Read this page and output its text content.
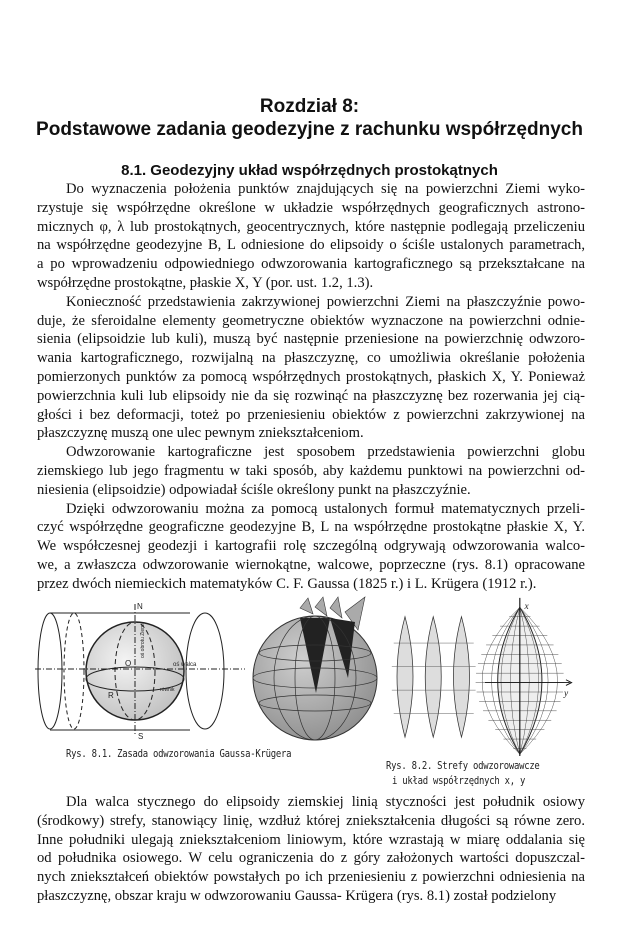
Rozdział 8:
Podstawowe zadania geodezyjne z rachunku współrzędnych
8.1. Geodezyjny układ współrzędnych prostokątnych
Do wyznaczenia położenia punktów znajdujących się na powierzchni Ziemi wyko-
rzystuje się współrzędne określone w układzie współrzędnych geograficznych astrono-
micznych φ, λ lub prostokątnych, geocentrycznych, które następnie podlegają przeliczeniu
na współrzędne geodezyjne B, L odniesione do elipsoidy o ściśle ustalonych parametrach,
a po wprowadzeniu odpowiedniego odwzorowania kartograficznego są przekształcane na
współrzędne prostokątne, płaskie X, Y (por. ust. 1.2, 1.3).
Konieczność przedstawienia zakrzywionej powierzchni Ziemi na płaszczyźnie powo-
duje, że sferoidalne elementy geometryczne obiektów wyznaczone na powierzchni odnie-
sienia (elipsoidzie lub kuli), muszą być następnie przeniesione na powierzchnię odwzoro-
wania kartograficznego, rozwijalną na płaszczyznę, co umożliwia określanie położenia
pomierzonych punktów za pomocą współrzędnych prostokątnych, płaskich X, Y. Ponieważ
powierzchnia kuli lub elipsoidy nie da się rozwinąć na płaszczyznę bez rozerwania jej cią-
głości i bez deformacji, toteż po przeniesieniu obiektów z powierzchni zakrzywionej na
płaszczyznę muszą one ulec pewnym zniekształceniom.
Odwzorowanie kartograficzne jest sposobem przedstawienia powierzchni globu
ziemskiego lub jego fragmentu w taki sposób, aby każdemu punktowi na powierzchni od-
niesienia (elipsoidzie) odpowiadał ściśle określony punkt na płaszczyźnie.
Dzięki odwzorowaniu można za pomocą ustalonych formuł matematycznych przeli-
czyć współrzędne geograficzne geodezyjne B, L na współrzędne prostokątne płaskie X, Y.
We współczesnej geodezji i kartografii rolę szczególną odgrywają odwzorowania walco-
we, a zwłaszcza odwzorowanie wiernokątne, walcowe, poprzeczne (rys. 8.1) opracowane
przez dwóch niemieckich matematyków C. F. Gaussa (1825 r.) i L. Krügera (1912 r.).
N
S
O
R
oś walca
oś obrotu Ziemi
równik
x
y
Rys. 8.1. Zasada odwzorowania Gaussa-Krügera
Rys. 8.2. Strefy odwzorowawcze
i układ współrzędnych x, y
Dla walca stycznego do elipsoidy ziemskiej linią styczności jest południk osiowy
(środkowy) strefy, stanowiący linię, wzdłuż której zniekształcenia długości są równe zero.
Inne południki ulegają zniekształceniom liniowym, które wzrastają w miarę oddalania się
od południka osiowego. W celu ograniczenia do z góry założonych wartości dopuszczal-
nych zniekształceń obiektów powstałych po ich przeniesieniu z powierzchni odniesienia na
płaszczyznę, obszar kraju w odwzorowaniu Gaussa- Krügera (rys. 8.1) został podzielony
